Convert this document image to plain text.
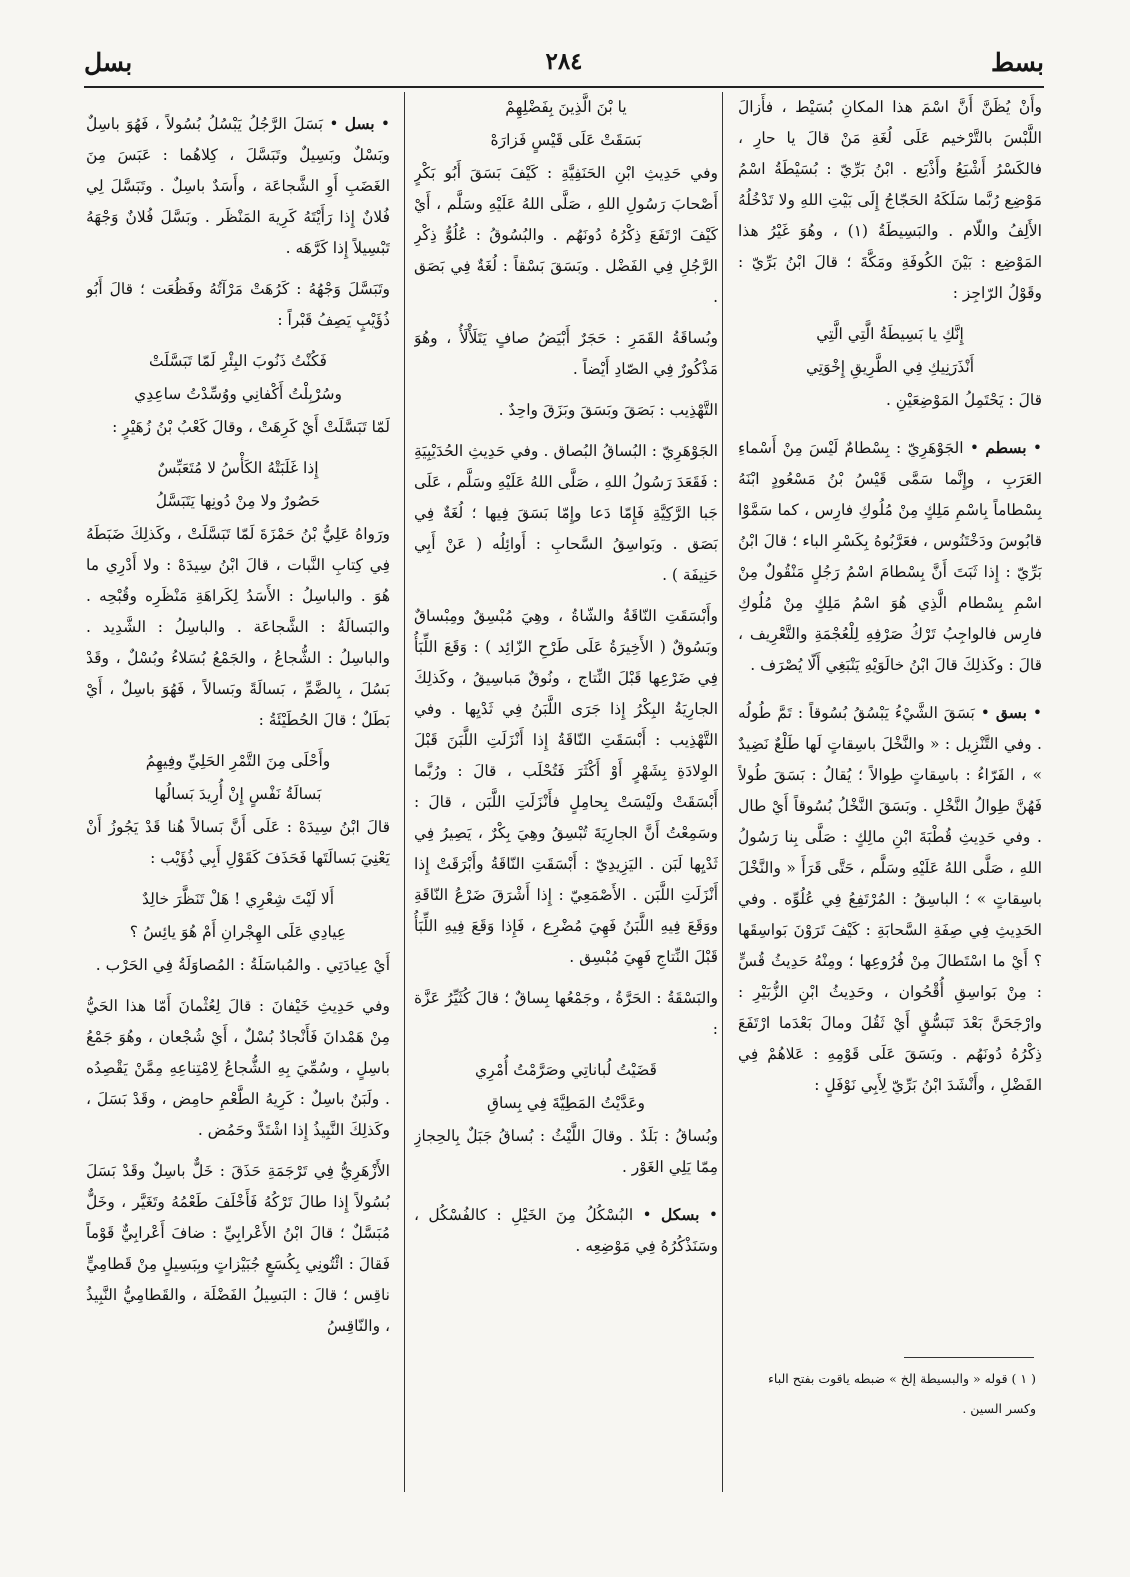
بسط
٢٨٤
بسل

وأَنْ يُظَنَّ أَنَّ اسْمَ هذا المكانِ بُسَيْط ، فأَزالَ اللَّبْسَ بالتَّرْخيم عَلَى لُغَةِ مَنْ قالَ يا حارِ ، فالكَسْرُ أَشْيَعُ وأَذْيَع . ابْنُ بَرِّيّ : بُسَيْطَةُ اسْمُ مَوْضِع رُبَّما سَلَكَهُ الحَجّاجُ إِلَى بَيْتِ اللهِ ولا تَدْخُلُهُ الأَلِفُ واللّام . والبَسِيطَةُ (١) ، وهُوَ غَيْرُ هذا المَوْضِع : بَيْنَ الكُوفَةِ ومَكَّةَ ؛ قالَ ابْنُ بَرِّيّ : وقَوْلُ الرّاجِز :

إِنَّكِ يا بَسِيطَةُ الَّتِي الَّتِي

أَنْذَرَنِيكِ فِي الطَّرِيقِ إِخْوَتِي

قالَ : يَحْتَمِلُ المَوْضِعَيْنِ .

• بسطم • الجَوْهَرِيّ : بِسْطامٌ لَيْسَ مِنْ أَسْماءِ العَرَبِ ، وإِنَّما سَمَّى قَيْسُ بْنُ مَسْعُودٍ ابْنَهُ بِسْطاماً بِاسْمِ مَلِكٍ مِنْ مُلُوكِ فارِس ، كما سَمَّوْا قابُوسَ ودَخْتَنُوس ، فعَرَّبُوهُ بِكَسْرِ الباء ؛ قالَ ابْنُ بَرِّيّ : إِذا ثَبَتَ أَنَّ بِسْطامَ اسْمُ رَجُلٍ مَنْقُولٌ مِنْ اسْمِ بِسْطام الَّذِي هُوَ اسْمُ مَلِكٍ مِنْ مُلُوكِ فارِس فالواجِبُ تَرْكُ صَرْفِهِ لِلْعُجْمَةِ والتَّعْرِيف ، قالَ : وكَذلِكَ قالَ ابْنُ خالَوَيْهِ يَنْبَغِي أَلّا يُصْرَف .

• بسق • بَسَقَ الشَّيْءُ يَبْسُقُ بُسُوقاً : تَمَّ طُولُه . وفي التَّنْزِيل : « والنَّخْلَ باسِقاتٍ لَها طَلْعٌ نَضِيدٌ » ، الفَرّاءُ : باسِقاتٍ طِوالاً ؛ يُقالُ : بَسَقَ طُولاً فَهُنَّ طِوالُ النَّخْلِ . وبَسَقَ النَّخْلُ بُسُوقاً أَيْ طال . وفي حَدِيثِ قُطْبَةَ ابْنِ مالِكٍ : صَلَّى بِنا رَسُولُ اللهِ ، صَلَّى اللهُ عَلَيْهِ وسَلَّم ، حَتَّى قَرَأَ « والنَّخْلَ باسِقاتٍ » ؛ الباسِقُ : المُرْتَفِعُ فِي عُلُوِّه . وفي الحَدِيثِ فِي صِفَةِ السَّحابَةِ : كَيْفَ تَرَوْنَ بَواسِقَها ؟ أَيْ ما اسْتَطالَ مِنْ فُرُوعِها ؛ ومِنْهُ حَدِيثُ قُسٍّ : مِنْ بَواسِقِ أُقْحُوان ، وحَدِيثُ ابْنِ الزُّبَيْرِ : وارْجَحَنَّ بَعْدَ تَبَسُّقٍ أَيْ ثَقُلَ ومالَ بَعْدَما ارْتَفَعَ ذِكْرُهُ دُونَهُم . وبَسَقَ عَلَى قَوْمِهِ : عَلاهُمْ فِي الفَضْلِ ، وأَنْشَدَ ابْنُ بَرِّيّ لِأَبِي نَوْفَلٍ :

يا بْنَ الَّذِينَ بِفَضْلِهِمْ

بَسَقَتْ عَلَى قَيْسٍ فَزارَهْ

وفي حَدِيثِ ابْنِ الحَنَفِيَّةِ : كَيْفَ بَسَقَ أَبُو بَكْرٍ أَصْحابَ رَسُولِ اللهِ ، صَلَّى اللهُ عَلَيْهِ وسَلَّم ، أَيْ كَيْفَ ارْتَفَعَ ذِكْرُهُ دُونَهُم . والبُسُوقُ : عُلُوُّ ذِكْرِ الرَّجُلِ فِي الفَضْل . وبَسَقَ بَسْقاً : لُغَةٌ فِي بَصَق .

وبُساقَةُ القَمَرِ : حَجَرٌ أَبْيَضُ صافٍ يَتَلَأْلَأُ ، وهُوَ مَذْكُورٌ فِي الصّادِ أَيْضاً .

التَّهْذِيب : بَصَقَ وبَسَقَ وبَزَقَ واحِدٌ .

الجَوْهَرِيّ : البُساقُ البُصاق . وفي حَدِيثِ الحُدَيْبِيَةِ : فَقَعَدَ رَسُولُ اللهِ ، صَلَّى اللهُ عَلَيْهِ وسَلَّم ، عَلَى جَبا الرَّكِيَّةِ فَإِمّا دَعا وإِمّا بَسَقَ فِيها ؛ لُغَةٌ فِي بَصَق . وبَواسِقُ السَّحابِ : أَوائِلُه ( عَنْ أَبِي حَنِيفَة ) .

وأَبْسَقَتِ النّاقَةُ والشّاةُ ، وهِيَ مُبْسِقٌ ومِبْساقٌ وبَسُوقٌ ( الأَخِيرَةُ عَلَى طَرْحِ الزّائِد ) : وَقَعَ اللِّبَأُ فِي ضَرْعِها قَبْلَ النِّتاج ، ونُوقٌ مَباسِيقُ ، وكَذلِكَ الجارِيَةُ البِكْرُ إِذا جَرَى اللَّبَنُ فِي ثَدْيِها . وفي التَّهْذِيب : أَبْسَقَتِ النّاقَةُ إِذا أَنْزَلَتِ اللَّبَنَ قَبْلَ الوِلادَةِ بِشَهْرٍ أَوْ أَكْثَرَ فَتُحْلَب ، قالَ : ورُبَّما أَبْسَقَتْ ولَيْسَتْ بِحامِلٍ فأَنْزَلَتِ اللَّبَن ، قالَ : وسَمِعْتُ أَنَّ الجارِيَةَ تُبْسِقُ وهِيَ بِكْرٌ ، يَصِيرُ فِي ثَدْيِها لَبَن . اليَزِيدِيّ : أَبْسَقَتِ النّاقَةُ وأَبْرَقَتْ إِذا أَنْزَلَتِ اللَّبَن . الأَصْمَعِيّ : إِذا أَشْرَقَ ضَرْعُ النّاقَةِ ووَقَعَ فِيهِ اللَّبَنُ فَهِيَ مُضْرِع ، فَإِذا وَقَعَ فِيهِ اللِّبَأُ قَبْلَ النِّتاجِ فَهِيَ مُبْسِق .

والبَسْقَةُ : الحَرَّةُ ، وجَمْعُها بِساقٌ ؛ قالَ كُثَيِّرُ عَزَّة :

قَضَيْتُ لُباناتِي وصَرَّمْتُ أُمْرِي

وعَدَّيْتُ المَطِيَّةَ فِي بِساقِ

وبُساقُ : بَلَدٌ . وقالَ اللَّيْثُ : بُساقُ جَبَلٌ بِالحِجازِ مِمّا يَلِي الغَوْر .

• بسكل • البُسْكُلُ مِنَ الخَيْلِ : كالفُسْكُل ، وسَنَذْكُرُهُ فِي مَوْضِعِه .

• بسل • بَسَلَ الرَّجُلُ يَبْسُلُ بُسُولاً ، فَهُوَ باسِلٌ وبَسْلٌ وبَسِيلٌ وتَبَسَّلَ ، كِلاهُما : عَبَسَ مِنَ الغَضَبِ أَوِ الشَّجاعَة ، وأَسَدٌ باسِلٌ . وتَبَسَّلَ لِي فُلانٌ إِذا رَأَيْتَهُ كَرِيهَ المَنْظَر . وبَسَّلَ فُلانٌ وَجْهَهُ تَبْسِيلاً إِذا كَرَّهَه .

وتَبَسَّلَ وَجْهُهُ : كَرُهَتْ مَرْآتُهُ وفَظُعَت ؛ قالَ أَبُو ذُؤَيْبٍ يَصِفُ قَبْراً :

فَكُنْتُ ذَنُوبَ البِئْرِ لَمّا تَبَسَّلَتْ

وسُرْبِلْتُ أَكْفانِي ووُسِّدْتُ ساعِدِي

لَمّا تَبَسَّلَتْ أَيْ كَرِهَتْ ، وقالَ كَعْبُ بْنُ زُهَيْرٍ :

إِذا غَلَبَتْهُ الكَأْسُ لا مُتَعَبِّسٌ

حَصُورٌ ولا مِنْ دُونِها يَتَبَسَّلُ

ورَواهُ عَلِيُّ بْنُ حَمْزَةَ لَمّا تَبَسَّلَتْ ، وكَذلِكَ ضَبَطَهُ فِي كِتابِ النَّبات ، قالَ ابْنُ سِيدَهْ : ولا أَدْرِي ما هُوَ . والباسِلُ : الأَسَدُ لِكَراهَةِ مَنْظَرِه وقُبْحِه . والبَسالَةُ : الشَّجاعَة . والباسِلُ : الشَّدِيد . والباسِلُ : الشُّجاعُ ، والجَمْعُ بُسَلاءُ وبُسْلٌ ، وقَدْ بَسُلَ ، بِالضَّمِّ ، بَسالَةً وبَسالاً ، فَهُوَ باسِلٌ ، أَيْ بَطَلٌ ؛ قالَ الحُطَيْئَةُ :

وأَحْلَى مِنَ التَّمْرِ الحَلِيِّ وفِيهِمُ

بَسالَةُ نَفْسٍ إِنْ أُرِيدَ بَسالُها

قالَ ابْنُ سِيدَهْ : عَلَى أَنَّ بَسالاً هُنا قَدْ يَجُوزُ أَنْ يَعْنِيَ بَسالَتَها فَحَذَفَ كَقَوْلِ أَبِي ذُؤَيْب :

أَلا لَيْتَ شِعْرِي ! هَلْ تَنَظَّرَ خالِدٌ

عِيادِي عَلَى الهِجْرانِ أَمْ هُوَ يائِسُ ؟

أَيْ عِيادَتِي . والمُباسَلَةُ : المُصاوَلَةُ فِي الحَرْب .

وفي حَدِيثِ خَيْفانَ : قالَ لِعُثْمانَ أَمّا هذا الحَيُّ مِنْ هَمْدانَ فَأَنْجادٌ بُسْلٌ ، أَيْ شُجْعان ، وهُوَ جَمْعُ باسِلٍ ، وسُمِّيَ بِهِ الشُّجاعُ لِامْتِناعِهِ مِمَّنْ يَقْصِدُه . ولَبَنٌ باسِلٌ : كَرِيهُ الطَّعْمِ حامِض ، وقَدْ بَسَلَ ، وكَذلِكَ النَّبِيذُ إِذا اشْتَدَّ وحَمُض .

الأَزْهَرِيُّ فِي تَرْجَمَةِ حَذَقَ : خَلٌّ باسِلٌ وقَدْ بَسَلَ بُسُولاً إِذا طالَ تَرْكُهُ فَأَخْلَفَ طَعْمُهُ وتَغَيَّر ، وخَلٌّ مُبَسَّلٌ ؛ قالَ ابْنُ الأَعْرابِيِّ : ضافَ أَعْرابِيٌّ قَوْماً فَقالَ : ائْتُونِي بِكُسَعٍ جُبَيْزاتٍ وبِبَسِيلٍ مِنْ قَطامِيٍّ ناقِس ؛ قالَ : البَسِيلُ الفَضْلَة ، والقَطامِيُّ النَّبِيذُ ، والنّاقِسُ

( ١ ) قوله « والبسيطة إلخ » ضبطه ياقوت بفتح الباء وكسر السين .
